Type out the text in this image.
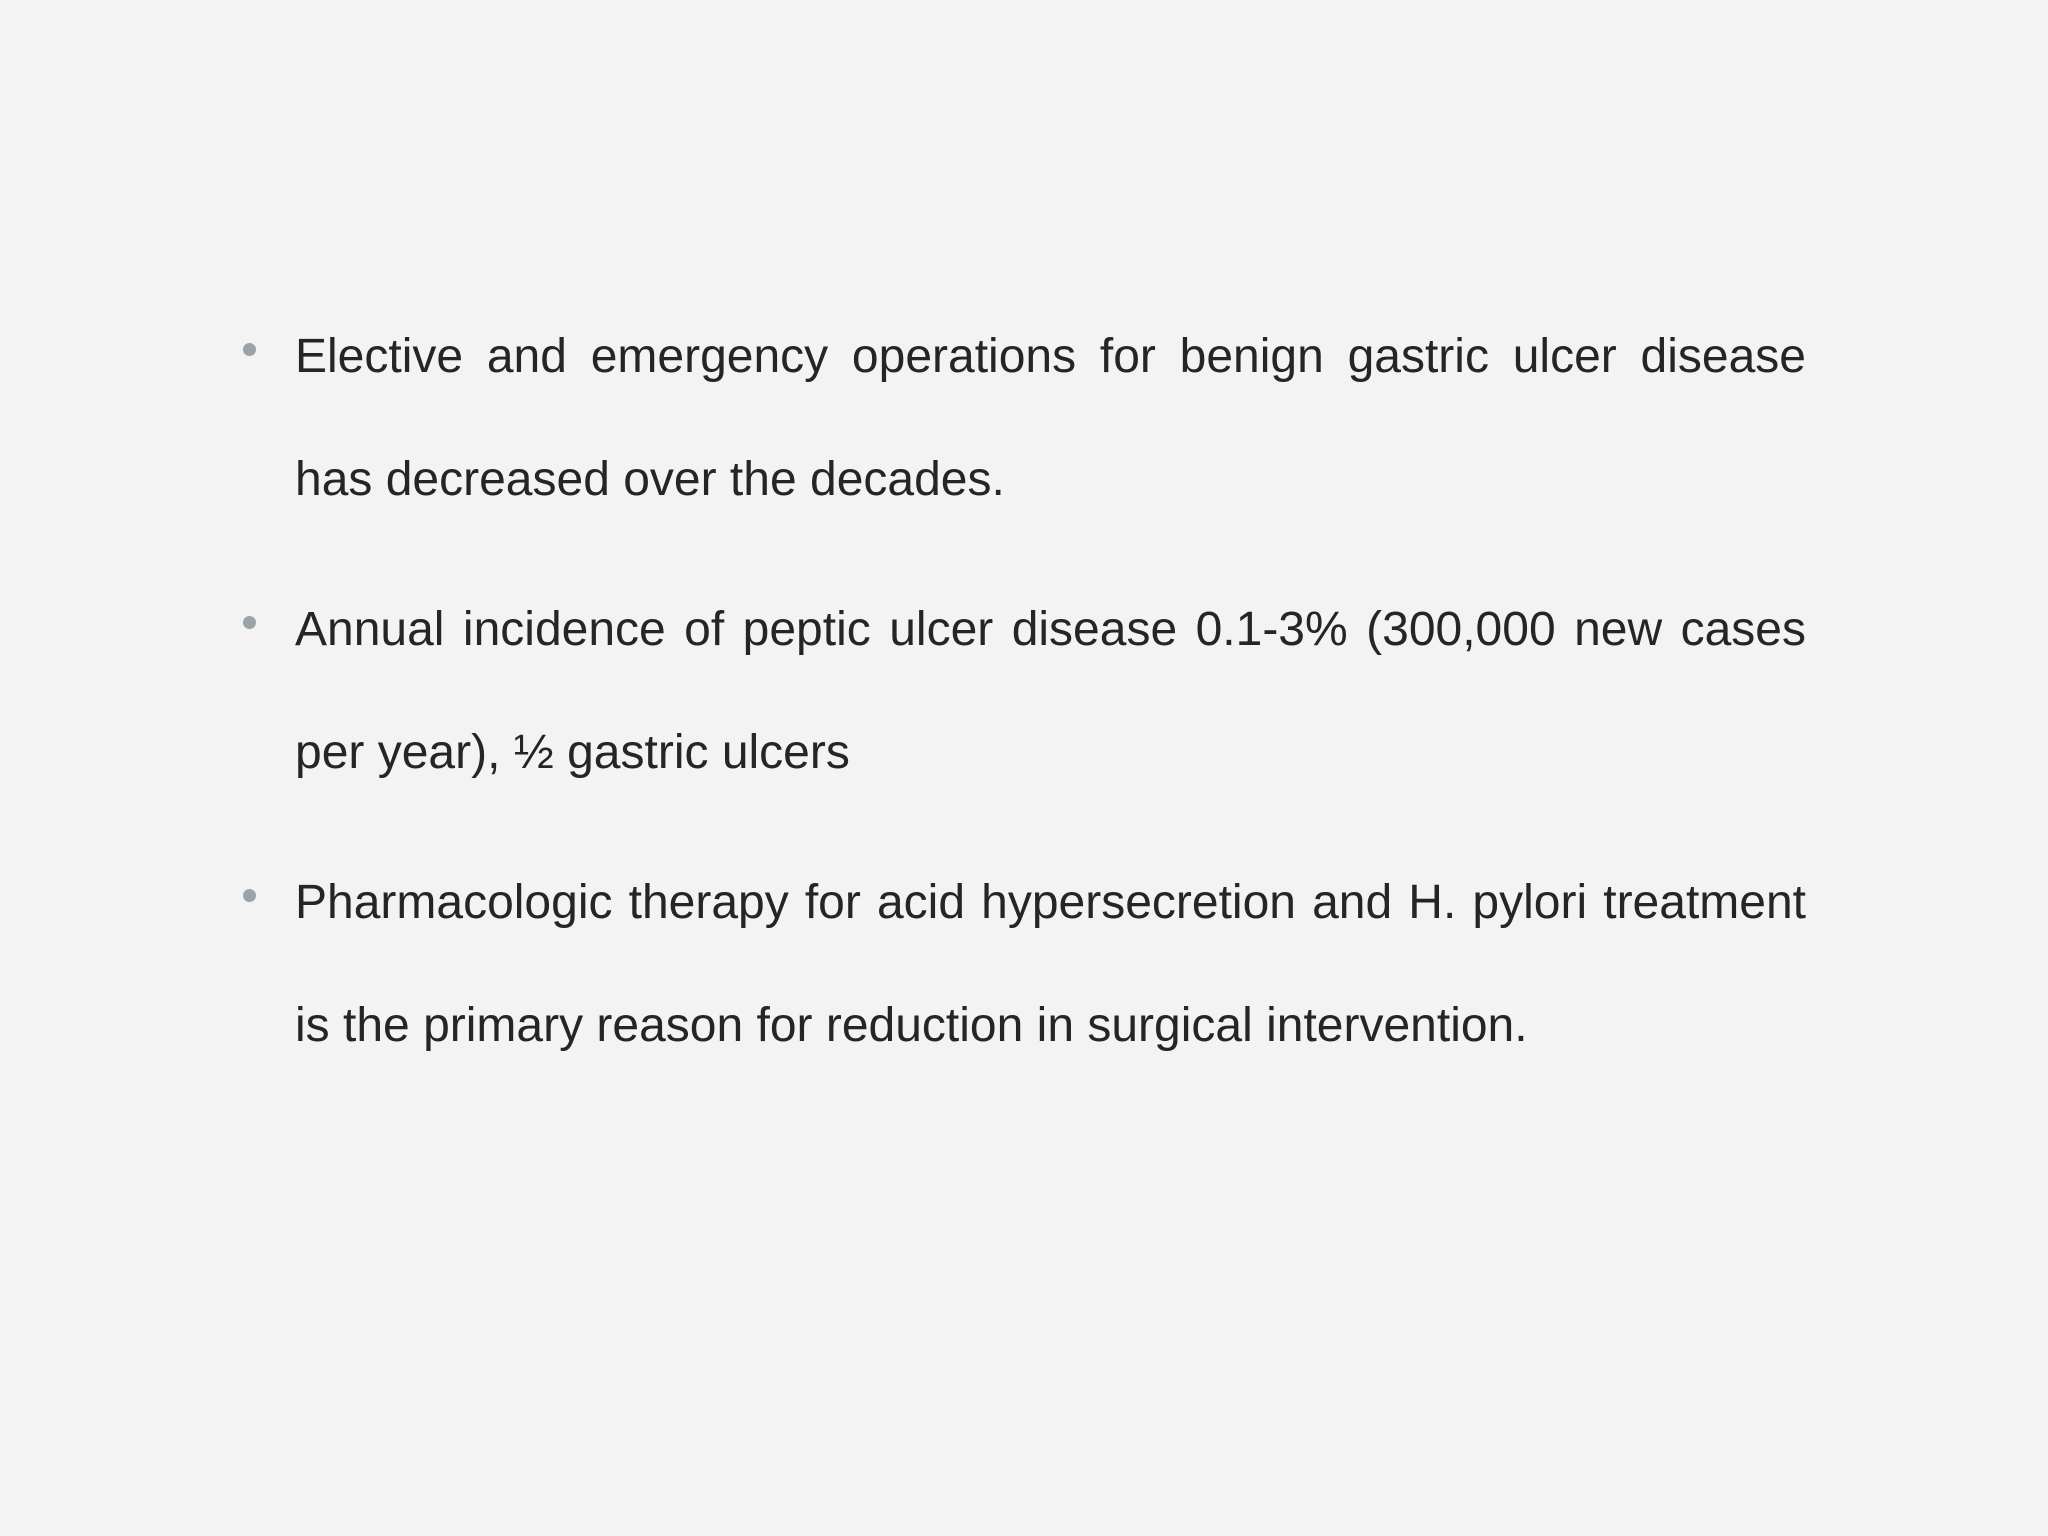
Elective and emergency operations for benign gastric ulcer disease has decreased over the decades.
Annual incidence of peptic ulcer disease 0.1-3% (300,000 new cases per year), ½ gastric ulcers
Pharmacologic therapy for acid hypersecretion and H. pylori treatment is the primary reason for reduction in surgical intervention.
